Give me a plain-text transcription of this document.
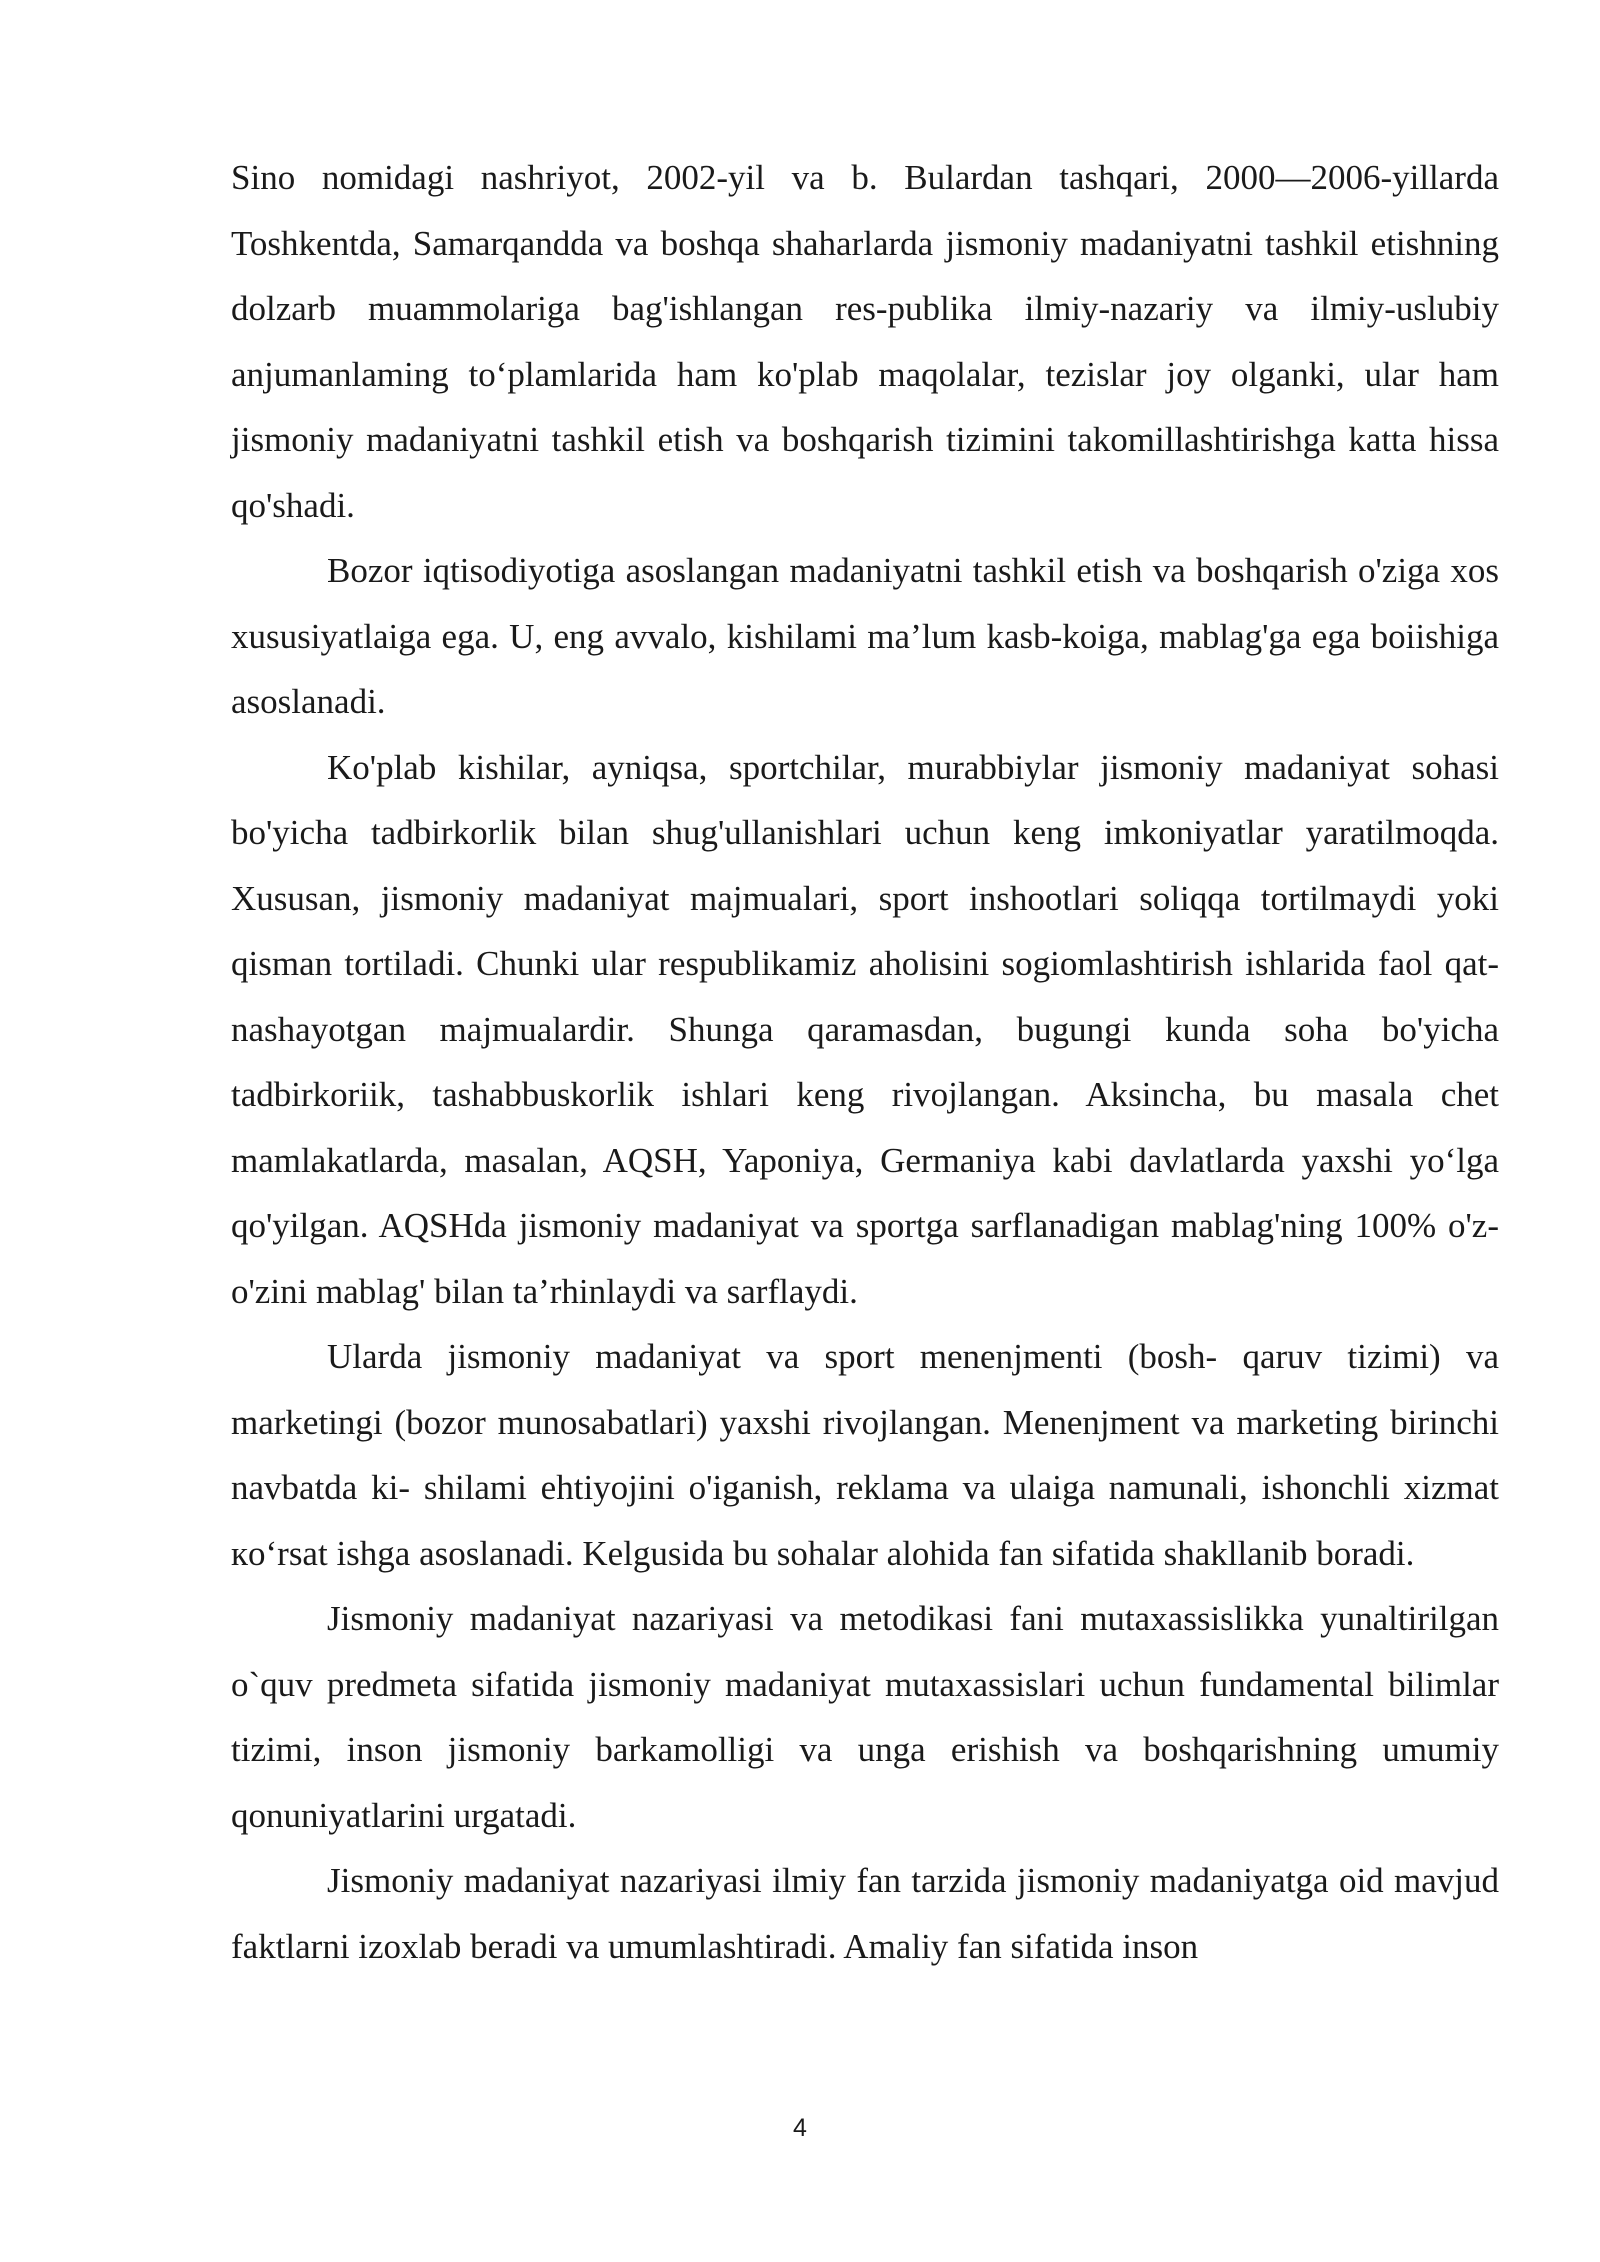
Sino nomidagi nashriyot, 2002-yil va b. Bulardan tashqari, 2000—2006-yillarda Toshkentda, Samarqandda va boshqa shaharlarda jismoniy madaniyatni tashkil etishning dolzarb muammolariga bag'ishlangan res-publika ilmiy-nazariy va ilmiy-uslubiy anjumanlaming to‘plamlarida ham ko'plab maqolalar, tezislar joy olganki, ular ham jismoniy madaniyatni tashkil etish va boshqarish tizimini takomillashtirishga katta hissa qo'shadi.

Bozor iqtisodiyotiga asoslangan madaniyatni tashkil etish va boshqarish o'ziga xos xususiyatlaiga ega. U, eng avvalo, kishilami ma’lum kasb-koiga, mablag'ga ega boiishiga asoslanadi.

Ko'plab kishilar, ayniqsa, sportchilar, murabbiylar jismoniy madaniyat sohasi bo'yicha tadbirkorlik bilan shug'ullanishlari uchun keng imkoniyatlar yaratilmoqda. Xususan, jismoniy madaniyat majmualari, sport inshootlari soliqqa tortilmaydi yoki qisman tortiladi. Chunki ular respublikamiz aholisini sogiomlashtirish ishlarida faol qat- nashayotgan majmualardir. Shunga qaramasdan, bugungi kunda soha bo'yicha tadbirkoriik, tashabbuskorlik ishlari keng rivojlangan. Aksincha, bu masala chet mamlakatlarda, masalan, AQSH, Yaponiya, Germaniya kabi davlatlarda yaxshi yo‘lga qo'yilgan. AQSHda jismoniy madaniyat va sportga sarflanadigan mablag'ning 100% o'z-o'zini mablag' bilan ta’rhinlaydi va sarflaydi.

Ularda jismoniy madaniyat va sport menenjmenti (bosh- qaruv tizimi) va marketingi (bozor munosabatlari) yaxshi rivojlangan. Menenjment va marketing birinchi navbatda ki- shilami ehtiyojini o'iganish, reklama va ulaiga namunali, ishonchli xizmat кo‘rsat ishga asoslanadi. Kelgusida bu sohalar alohida fan sifatida shakllanib boradi.

Jismoniy madaniyat nazariyasi va metodikasi fani mutaxassislikka yunaltirilgan o`quv predmeta sifatida jismoniy madaniyat mutaxassislari uchun fundamental bilimlar tizimi, inson jismoniy barkamolligi va unga erishish va boshqarishning umumiy qonuniyatlarini urgatadi.

Jismoniy madaniyat nazariyasi ilmiy fan tarzida jismoniy madaniyatga oid mavjud faktlarni izoxlab beradi va umumlashtiradi. Amaliy fan sifatida inson

4
